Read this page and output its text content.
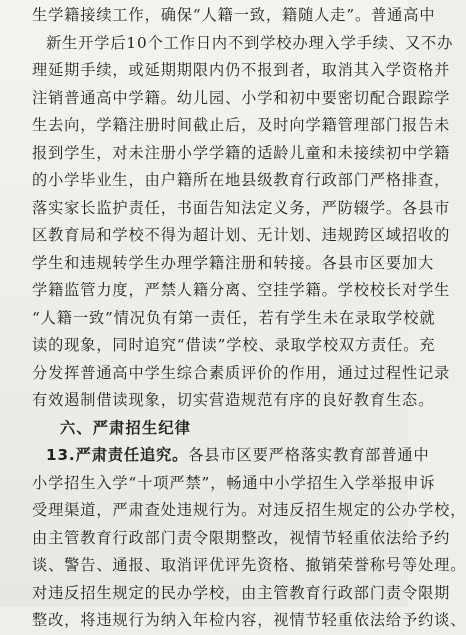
生学籍接续工作，确保“人籍一致，籍随人走”。普通高中
新生开学后10个工作日内不到学校办理入学手续、又不办
理延期手续，或延期期限内仍不报到者，取消其入学资格并
注销普通高中学籍。幼儿园、小学和初中要密切配合跟踪学
生去向，学籍注册时间截止后，及时向学籍管理部门报告未
报到学生，对未注册小学学籍的适龄儿童和未接续初中学籍
的小学毕业生，由户籍所在地县级教育行政部门严格排查，
落实家长监护责任，书面告知法定义务，严防辍学。各县市
区教育局和学校不得为超计划、无计划、违规跨区域招收的
学生和违规转学生办理学籍注册和转接。各县市区要加大
学籍监管力度，严禁人籍分离、空挂学籍。学校校长对学生
“人籍一致”情况负有第一责任，若有学生未在录取学校就
读的现象，同时追究“借读”学校、录取学校双方责任。充
分发挥普通高中学生综合素质评价的作用，通过过程性记录
有效遏制借读现象，切实营造规范有序的良好教育生态。
六、严肃招生纪律
13.严肃责任追究。各县市区要严格落实教育部普通中
小学招生入学“十项严禁”，畅通中小学招生入学举报申诉
受理渠道，严肃查处违规行为。对违反招生规定的公办学校，
由主管教育行政部门责令限期整改，视情节轻重依法给予约
谈、警告、通报、取消评优评先资格、撤销荣誉称号等处理。
对违反招生规定的民办学校，由主管教育行政部门责令限期
整改，将违规行为纳入年检内容，视情节轻重依法给予约谈、
